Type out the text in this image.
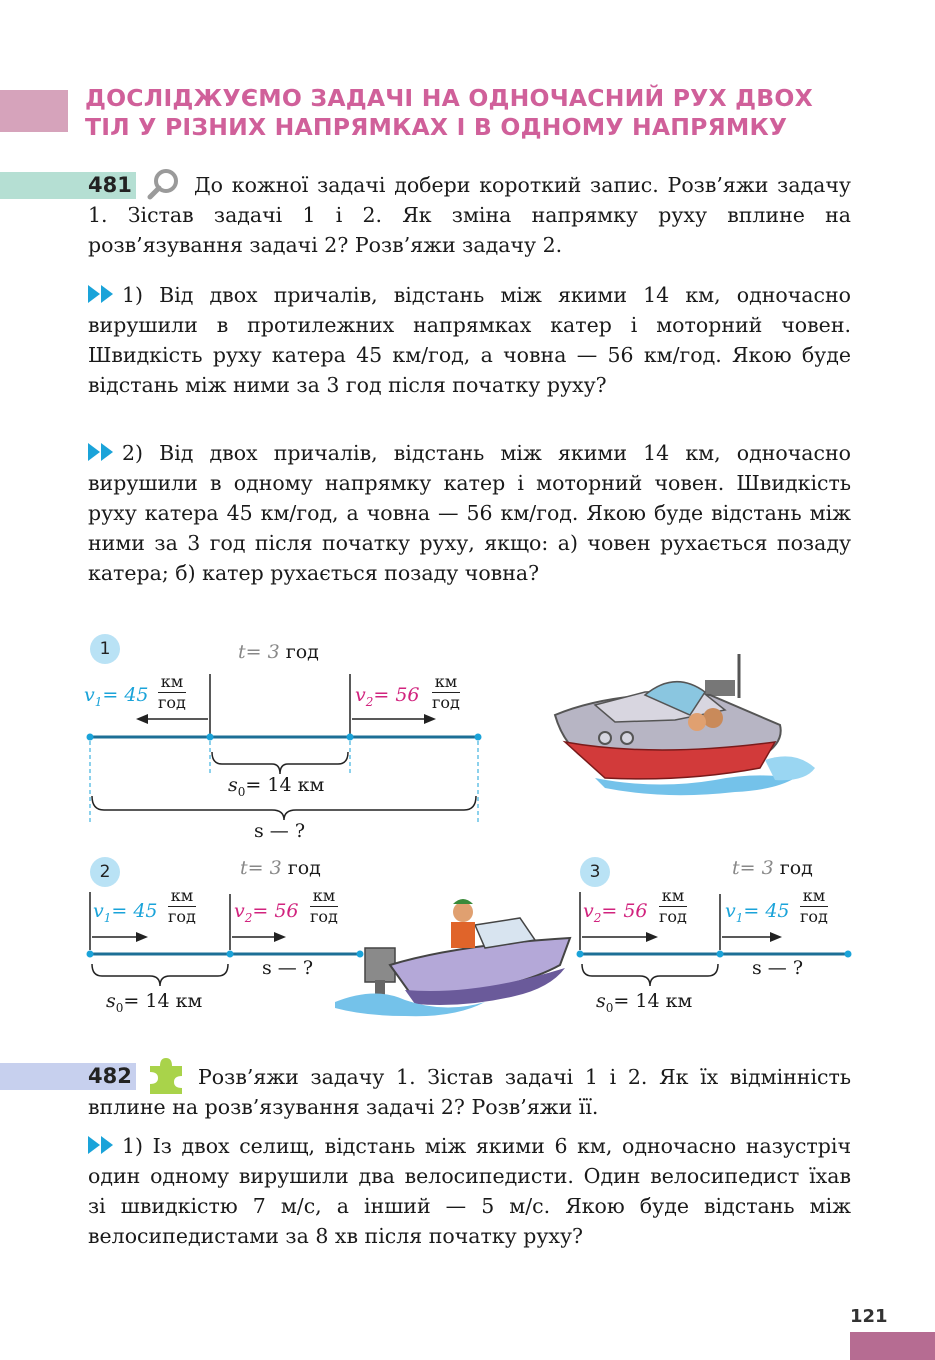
ДОСЛІДЖУЄМО ЗАДАЧІ НА ОДНОЧАСНИЙ РУХ ДВОХ
ТІЛ У РІЗНИХ НАПРЯМКАХ І В ОДНОМУ НАПРЯМКУ
481	До кожної задачі добери короткий запис. Розв’яжи задачу 1. Зістав задачі 1 і 2. Як зміна напрямку руху вплине на розв’язування задачі 2? Розв’яжи задачу 2.
1) Від двох причалів, відстань між якими 14 км, одночасно вирушили в протилежних напрямках катер і моторний човен. Швидкість руху катера 45 км/год, а човна — 56 км/год. Якою буде відстань між ними за 3 год після початку руху?
2) Від двох причалів, відстань між якими 14 км, одночасно вирушили в одному напрямку катер і моторний човен. Швидкість руху катера 45 км/год, а човна — 56 км/год. Якою буде відстань між ними за 3 год після початку руху, якщо: а) човен рухається позаду катера; б) катер рухається позаду човна?
1	t= 3 год
$v_1= 45$
км
год	$v_2= 56$
км
год
$s_0= 14$ км
s — ?
2	t= 3 год
$v_1= 45$
км
год $v_2= 56$
км
год
s — ?
$s_0= 14$ км
3	t= 3 год
$v_2= 56$
км
год $v_1= 45$
км
год
s — ?
$s_0= 14$ км
482	Розв’яжи задачу 1. Зістав задачі 1 і 2. Як їх відмінність вплине на розв’язування задачі 2? Розв’яжи її.
1) Із двох селищ, відстань між якими 6 км, одночасно назустріч один одному вирушили два велосипедисти. Один велосипедист їхав зі швидкістю 7 м/с, а інший — 5 м/с. Якою буде відстань між велосипедистами за 8 хв після початку руху?
121
